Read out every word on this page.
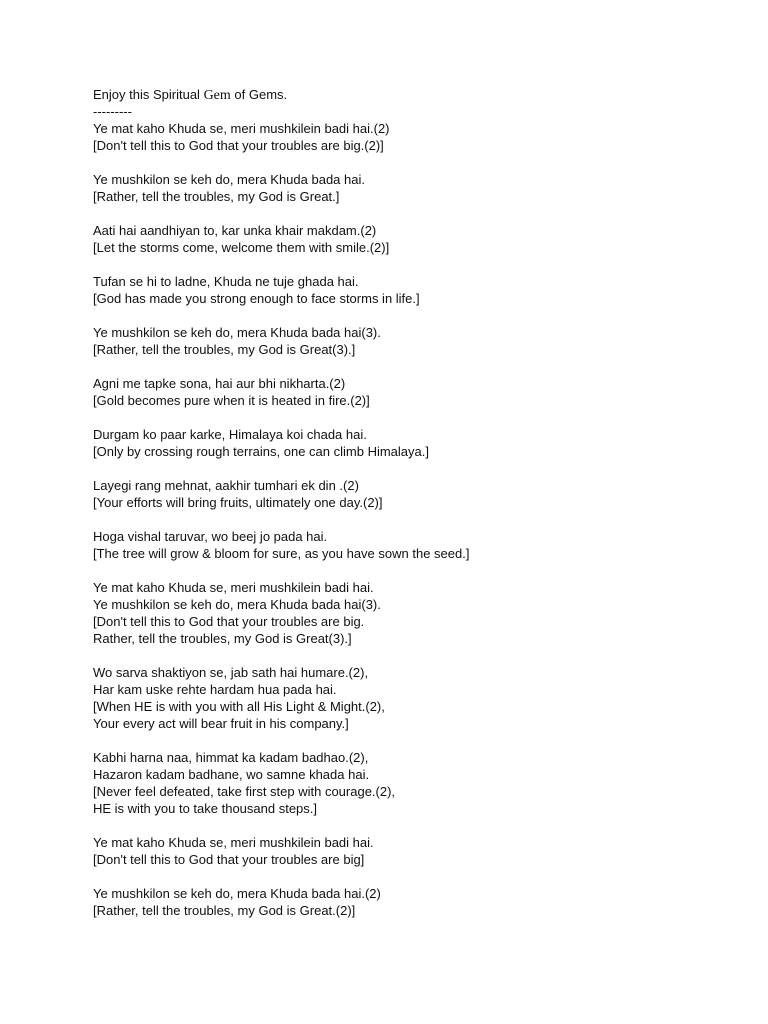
Enjoy this Spiritual Gem of Gems.
---------
Ye mat kaho Khuda se, meri mushkilein badi hai.(2)
[Don't tell this to God that your troubles are big.(2)]
Ye mushkilon se keh do, mera Khuda bada hai.
[Rather, tell the troubles, my God is Great.]
Aati hai aandhiyan to, kar unka khair makdam.(2)
[Let the storms come, welcome them with smile.(2)]
Tufan se hi to ladne, Khuda ne tuje ghada hai.
[God has made you strong enough to face storms in life.]
Ye mushkilon se keh do, mera Khuda bada hai(3).
[Rather, tell the troubles, my God is Great(3).]
Agni me tapke sona, hai aur bhi nikharta.(2)
[Gold becomes pure when it is heated in fire.(2)]
Durgam ko paar karke, Himalaya koi chada hai.
[Only by crossing rough terrains, one can climb Himalaya.]
Layegi rang mehnat, aakhir tumhari ek din .(2)
[Your efforts will bring fruits, ultimately one day.(2)]
Hoga vishal taruvar, wo beej jo pada hai.
[The tree will grow & bloom for sure, as you have sown the seed.]
Ye mat kaho Khuda se, meri mushkilein badi hai.
Ye mushkilon se keh do, mera Khuda bada hai(3).
[Don't tell this to God that your troubles are big.
Rather, tell the troubles, my God is Great(3).]
Wo sarva shaktiyon se, jab sath hai humare.(2),
Har kam uske rehte hardam hua pada hai.
[When HE is with you with all His Light & Might.(2),
Your every act will bear fruit in his company.]
Kabhi harna naa, himmat ka kadam badhao.(2),
Hazaron kadam badhane, wo samne khada hai.
[Never feel defeated, take first step with courage.(2),
HE is with you to take thousand steps.]
Ye mat kaho Khuda se, meri mushkilein badi hai.
[Don't tell this to God that your troubles are big]
Ye mushkilon se keh do, mera Khuda bada hai.(2)
[Rather, tell the troubles, my God is Great.(2)]
